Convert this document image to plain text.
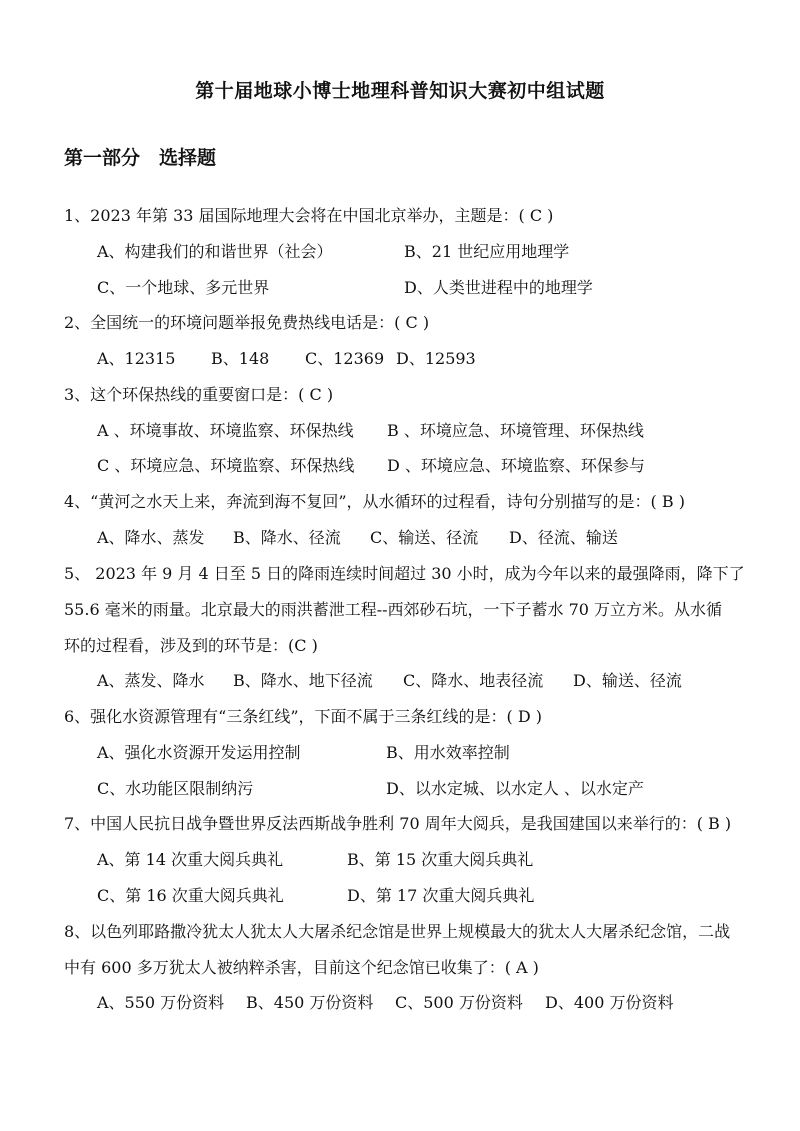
第十届地球小博士地理科普知识大赛初中组试题
第一部分　选择题
1、2023 年第 33 届国际地理大会将在中国北京举办，主题是：( C )
A、构建我们的和谐世界（社会）	B、21 世纪应用地理学
C、一个地球、多元世界	D、人类世进程中的地理学
2、全国统一的环境问题举报免费热线电话是：( C )
A、12315 B、148 C、12369 D、12593
3、这个环保热线的重要窗口是：( C )
A 、环境事故、环境监察、环保热线 B 、环境应急、环境管理、环保热线
C 、环境应急、环境监察、环保热线 D 、环境应急、环境监察、环保参与
4、“黄河之水天上来，奔流到海不复回”，从水循环的过程看，诗句分别描写的是：( B )
A、降水、蒸发 B、降水、径流 C、输送、径流 D、径流、输送
5、 2023 年 9 月 4 日至 5 日的降雨连续时间超过 30 小时，成为今年以来的最强降雨，降下了
55.6 毫米的雨量。北京最大的雨洪蓄泄工程--西郊砂石坑，一下子蓄水 70 万立方米。从水循
环的过程看，涉及到的环节是：(C )
A、蒸发、降水 B、降水、地下径流 C、降水、地表径流 D、输送、径流
6、强化水资源管理有“三条红线”，下面不属于三条红线的是：( D )
A、强化水资源开发运用控制	B、用水效率控制
C、水功能区限制纳污	D、以水定城、以水定人 、以水定产
7、中国人民抗日战争暨世界反法西斯战争胜利 70 周年大阅兵，是我国建国以来举行的：( B )
A、第 14 次重大阅兵典礼	B、第 15 次重大阅兵典礼
C、第 16 次重大阅兵典礼	D、第 17 次重大阅兵典礼
8、以色列耶路撒冷犹太人犹太人大屠杀纪念馆是世界上规模最大的犹太人大屠杀纪念馆，二战
中有 600 多万犹太人被纳粹杀害，目前这个纪念馆已收集了：( A )
A、550 万份资料 B、450 万份资料 C、500 万份资料 D、400 万份资料
